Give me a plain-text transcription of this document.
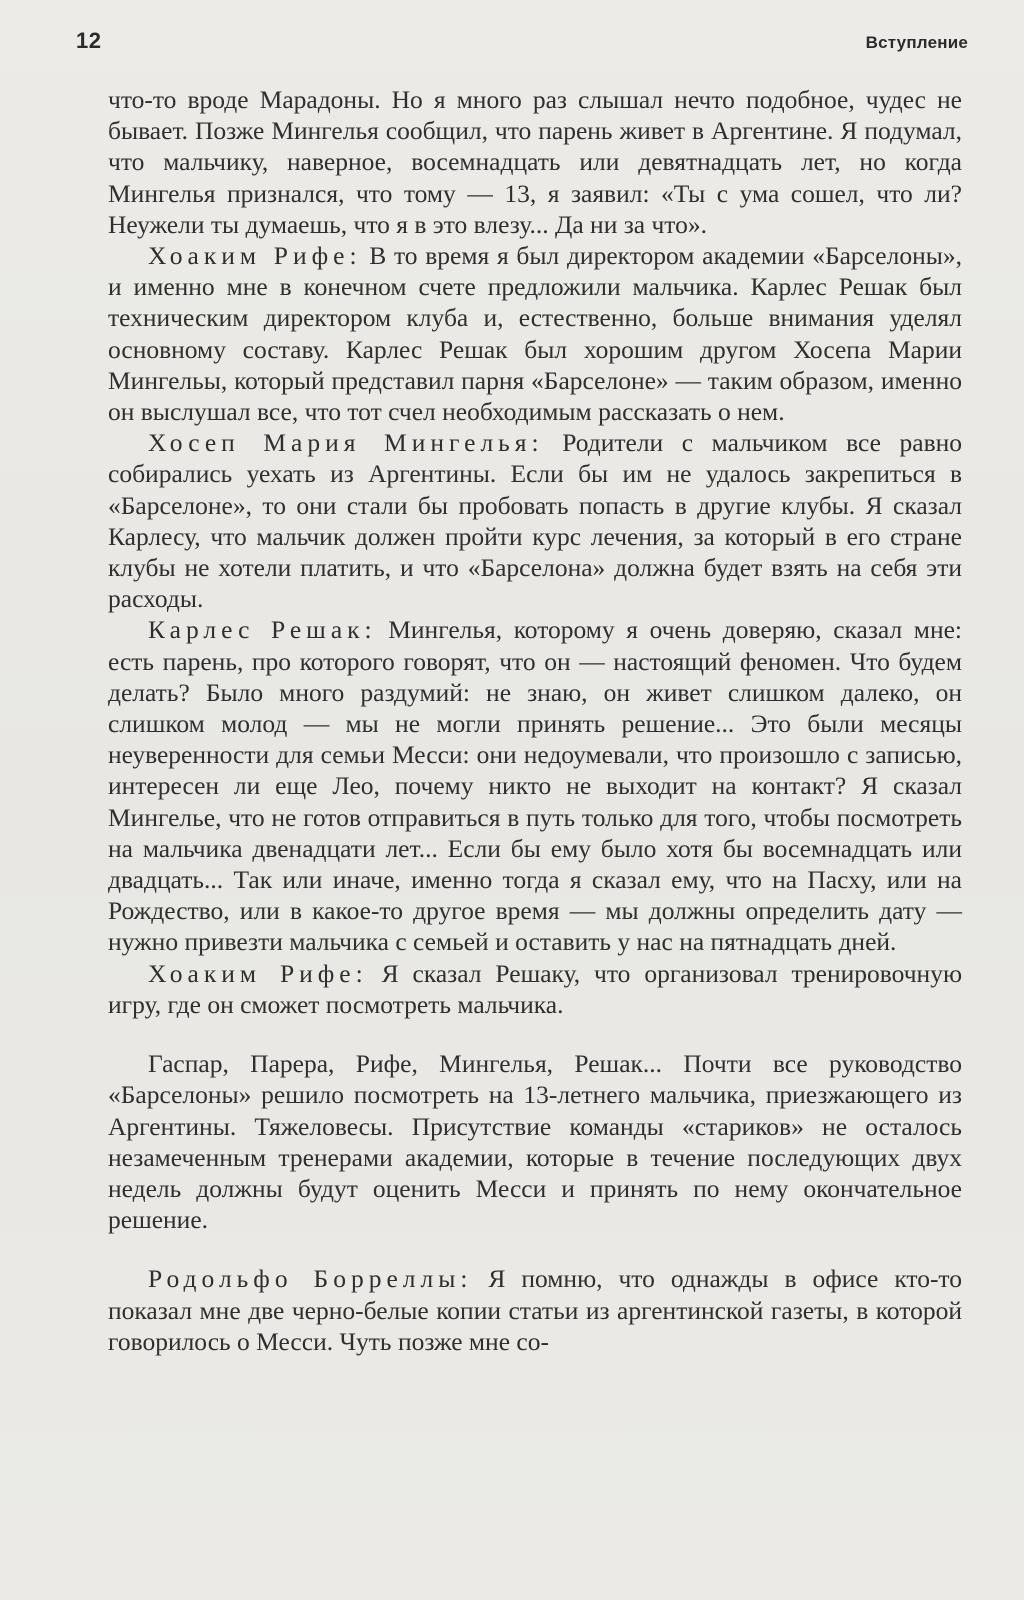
12	Вступление

что-то вроде Марадоны. Но я много раз слышал нечто подобное, чудес не бывает. Позже Мингелья сообщил, что парень живет в Аргентине. Я подумал, что мальчику, наверное, восемнадцать или девятнадцать лет, но когда Мингелья признался, что тому — 13, я заявил: «Ты с ума сошел, что ли? Неужели ты думаешь, что я в это влезу... Да ни за что».

Хоаким Рифе: В то время я был директором академии «Барселоны», и именно мне в конечном счете предложили мальчика. Карлес Решак был техническим директором клуба и, естественно, больше внимания уделял основному составу. Карлес Решак был хорошим другом Хосепа Марии Мингельы, который представил парня «Барселоне» — таким образом, именно он выслушал все, что тот счел необходимым рассказать о нем.

Хосеп Мария Мингелья: Родители с мальчиком все равно собирались уехать из Аргентины. Если бы им не удалось закрепиться в «Барселоне», то они стали бы пробовать попасть в другие клубы. Я сказал Карлесу, что мальчик должен пройти курс лечения, за который в его стране клубы не хотели платить, и что «Барселона» должна будет взять на себя эти расходы.

Карлес Решак: Мингелья, которому я очень доверяю, сказал мне: есть парень, про которого говорят, что он — настоящий феномен. Что будем делать? Было много раздумий: не знаю, он живет слишком далеко, он слишком молод — мы не могли принять решение... Это были месяцы неуверенности для семьи Месси: они недоумевали, что произошло с записью, интересен ли еще Лео, почему никто не выходит на контакт? Я сказал Мингелье, что не готов отправиться в путь только для того, чтобы посмотреть на мальчика двенадцати лет... Если бы ему было хотя бы восемнадцать или двадцать... Так или иначе, именно тогда я сказал ему, что на Пасху, или на Рождество, или в какое-то другое время — мы должны определить дату — нужно привезти мальчика с семьей и оставить у нас на пятнадцать дней.

Хоаким Рифе: Я сказал Решаку, что организовал тренировочную игру, где он сможет посмотреть мальчика.

Гаспар, Парера, Рифе, Мингелья, Решак... Почти все руководство «Барселоны» решило посмотреть на 13-летнего мальчика, приезжающего из Аргентины. Тяжеловесы. Присутствие команды «стариков» не осталось незамеченным тренерами академии, которые в течение последующих двух недель должны будут оценить Месси и принять по нему окончательное решение.

Родольфо Борреллы: Я помню, что однажды в офисе кто-то показал мне две черно-белые копии статьи из аргентинской газеты, в которой говорилось о Месси. Чуть позже мне со-
